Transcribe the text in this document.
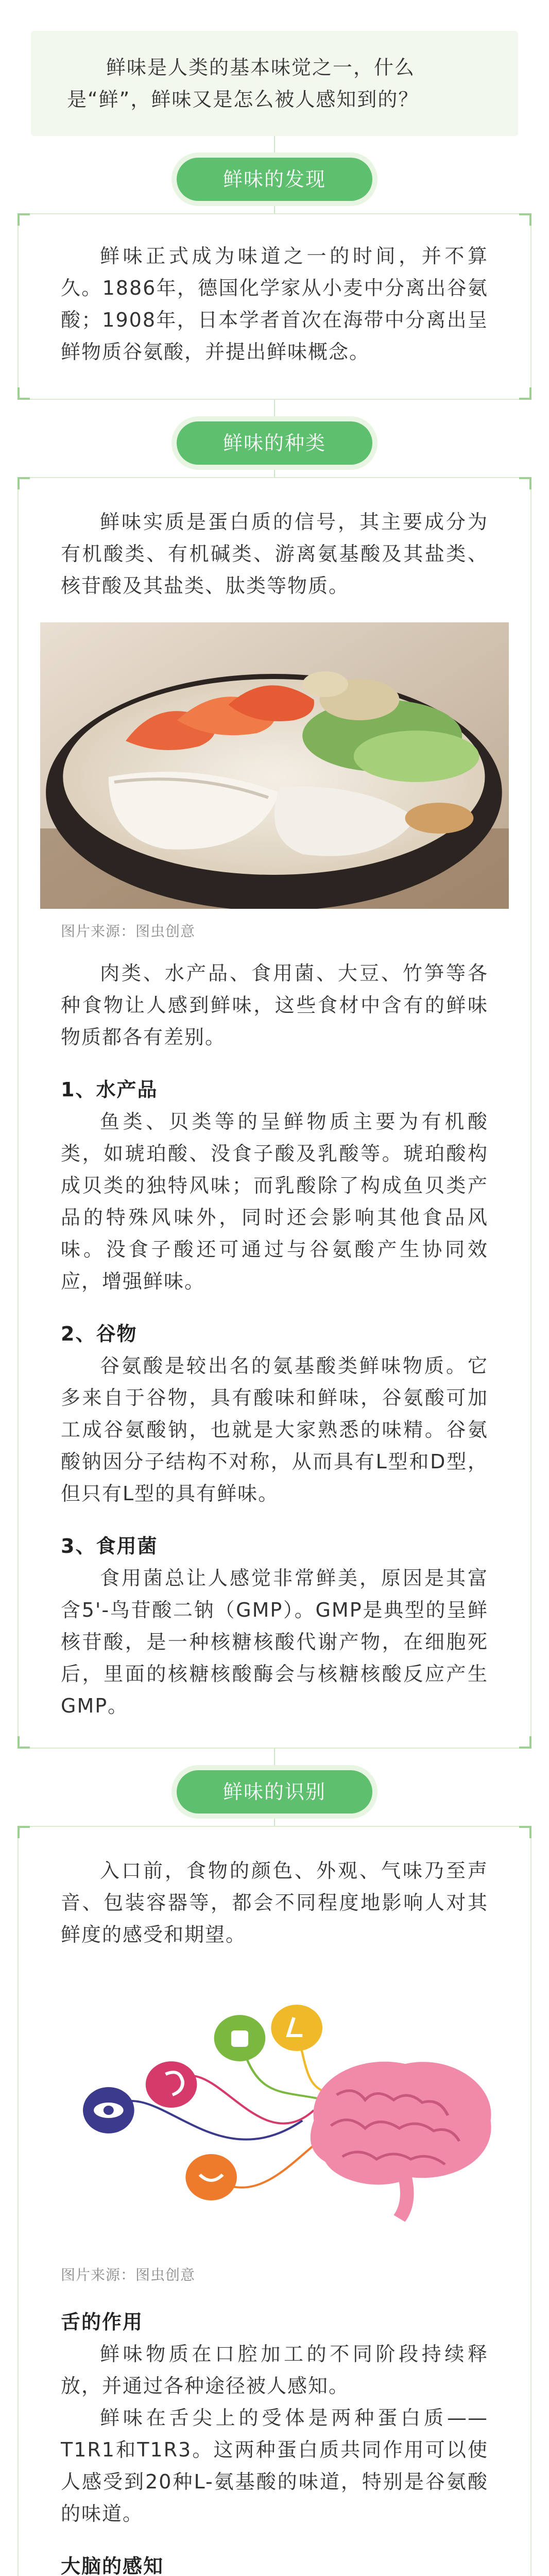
鲜味是人类的基本味觉之一，什么是“鲜”，鲜味又是怎么被人感知到的？

鲜味的发现

鲜味正式成为味道之一的时间，并不算久。1886年，德国化学家从小麦中分离出谷氨酸；1908年，日本学者首次在海带中分离出呈鲜物质谷氨酸，并提出鲜味概念。

鲜味的种类

鲜味实质是蛋白质的信号，其主要成分为有机酸类、有机碱类、游离氨基酸及其盐类、核苷酸及其盐类、肽类等物质。

图片来源：图虫创意

肉类、水产品、食用菌、大豆、竹笋等各种食物让人感到鲜味，这些食材中含有的鲜味物质都各有差别。

1、水产品

鱼类、贝类等的呈鲜物质主要为有机酸类，如琥珀酸、没食子酸及乳酸等。琥珀酸构成贝类的独特风味；而乳酸除了构成鱼贝类产品的特殊风味外，同时还会影响其他食品风味。没食子酸还可通过与谷氨酸产生协同效应，增强鲜味。

2、谷物

谷氨酸是较出名的氨基酸类鲜味物质。它多来自于谷物，具有酸味和鲜味，谷氨酸可加工成谷氨酸钠，也就是大家熟悉的味精。谷氨酸钠因分子结构不对称，从而具有L型和D型，但只有L型的具有鲜味。

3、食用菌

食用菌总让人感觉非常鲜美，原因是其富含5'-鸟苷酸二钠（GMP）。GMP是典型的呈鲜核苷酸，是一种核糖核酸代谢产物，在细胞死后，里面的核糖核酸酶会与核糖核酸反应产生GMP。

鲜味的识别

入口前，食物的颜色、外观、气味乃至声音、包装容器等，都会不同程度地影响人对其鲜度的感受和期望。

图片来源：图虫创意

舌的作用

鲜味物质在口腔加工的不同阶段持续释放，并通过各种途径被人感知。

鲜味在舌尖上的受体是两种蛋白质——T1R1和T1R3。这两种蛋白质共同作用可以使人感受到20种L-氨基酸的味道，特别是谷氨酸的味道。

大脑的感知
